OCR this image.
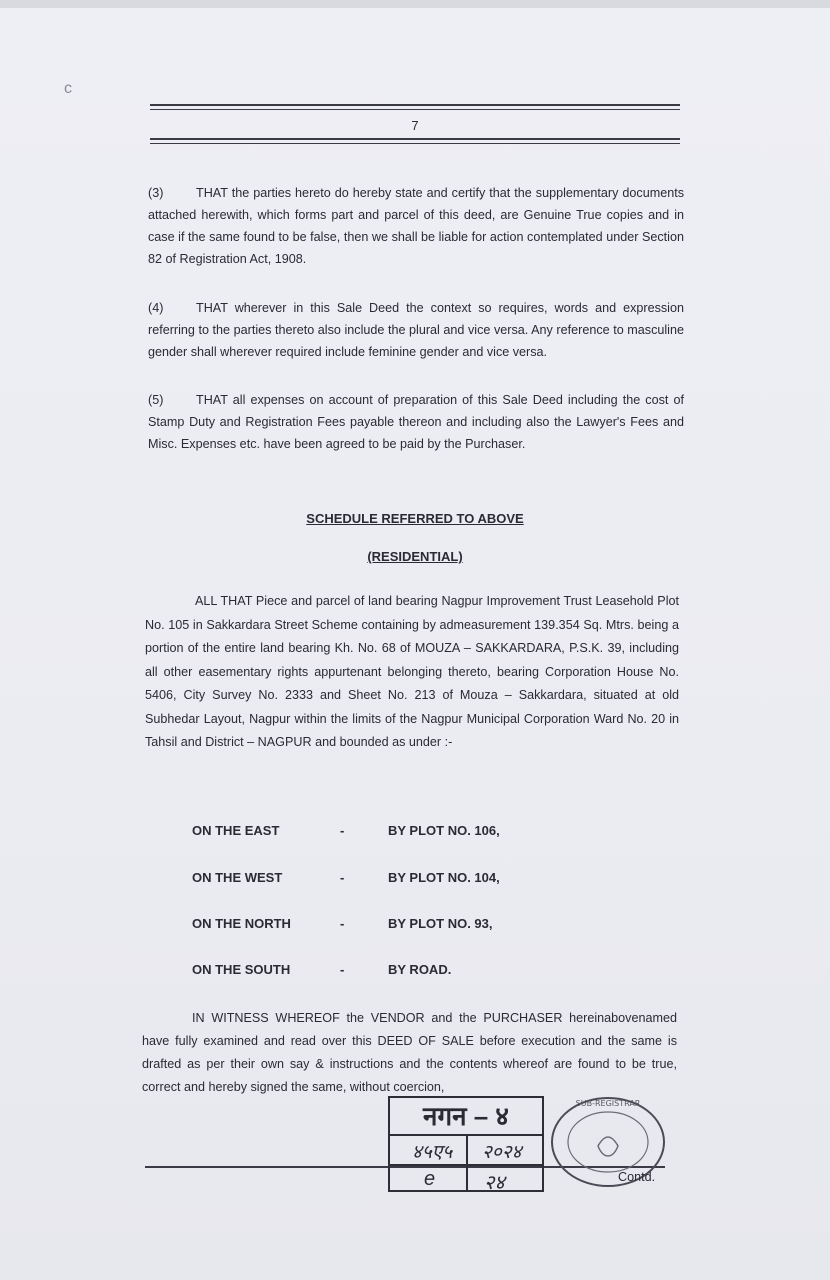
c
7
(3)	THAT the parties hereto do hereby state and certify that the supplementary documents attached herewith, which forms part and parcel of this deed, are Genuine True copies and in case if the same found to be false, then we shall be liable for action contemplated under Section 82 of Registration Act, 1908.
(4)	THAT wherever in this Sale Deed the context so requires, words and expression referring to the parties thereto also include the plural and vice versa. Any reference to masculine gender shall wherever required include feminine gender and vice versa.
(5)	THAT all expenses on account of preparation of this Sale Deed including the cost of Stamp Duty and Registration Fees payable thereon and including also the Lawyer's Fees and Misc. Expenses etc. have been agreed to be paid by the Purchaser.
SCHEDULE REFERRED TO ABOVE
(RESIDENTIAL)
ALL THAT Piece and parcel of land bearing Nagpur Improvement Trust Leasehold Plot No. 105 in Sakkardara Street Scheme containing by admeasurement 139.354 Sq. Mtrs. being a portion of the entire land bearing Kh. No. 68 of MOUZA – SAKKARDARA, P.S.K. 39, including all other easementary rights appurtenant belonging thereto, bearing Corporation House No. 5406, City Survey No. 2333 and Sheet No. 213 of Mouza – Sakkardara, situated at old Subhedar Layout, Nagpur within the limits of the Nagpur Municipal Corporation Ward No. 20 in Tahsil and District – NAGPUR and bounded as under :-
ON THE EAST	-	BY PLOT NO. 106,
ON THE WEST	-	BY PLOT NO. 104,
ON THE NORTH	-	BY PLOT NO. 93,
ON THE SOUTH	-	BY ROAD.
IN WITNESS WHEREOF the VENDOR and the PURCHASER hereinabovenamed have fully examined and read over this DEED OF SALE before execution and the same is drafted as per their own say & instructions and the contents whereof are found to be true, correct and hereby signed the same, without coercion,
नगन – ४
४५ए५ २०२४
e २४
SUB-REGISTRAR
Contd.
